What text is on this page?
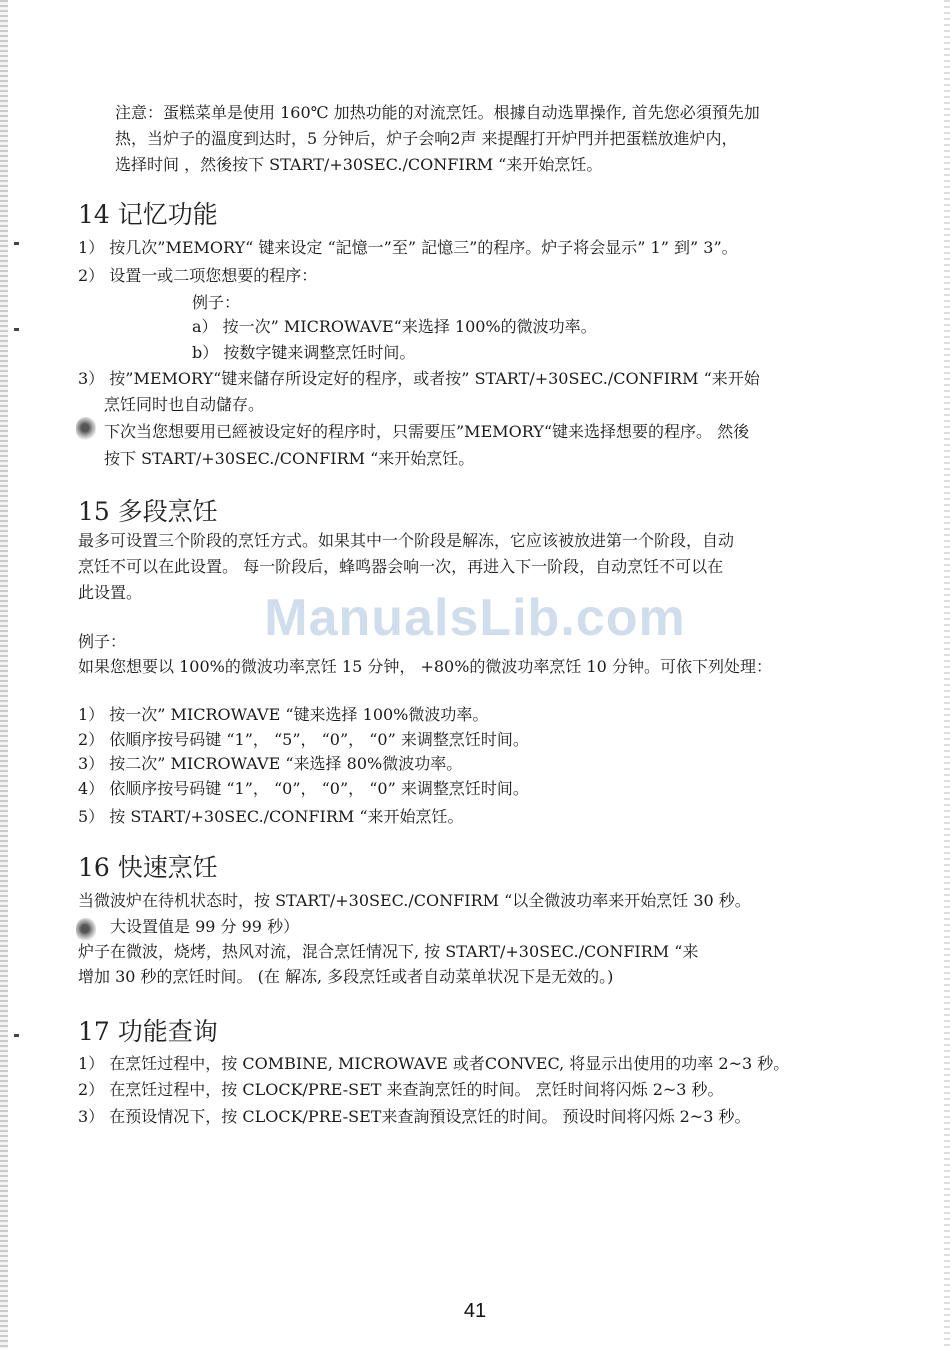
注意：蛋糕菜单是使用 160℃ 加热功能的对流烹饪。根據自动选單操作, 首先您必須預先加
热，当炉子的溫度到达时，5 分钟后，炉子会响2声 来提醒打开炉門并把蛋糕放進炉内，
选择时间 ，然後按下 START/+30SEC./CONFIRM “来开始烹饪。
14 记忆功能
1） 按几次”MEMORY“ 键来设定 “記憶一”至” 記憶三”的程序。炉子将会显示” 1” 到” 3”。
2） 设置一或二项您想要的程序：
例子：
a） 按一次” MICROWAVE“来选择 100%的微波功率。
b） 按数字键来调整烹饪时间。
3） 按”MEMORY“键来儲存所设定好的程序，或者按” START/+30SEC./CONFIRM “来开始
烹饪同时也自动儲存。
下次当您想要用已經被设定好的程序时，只需要压”MEMORY“键来选择想要的程序。 然後
按下 START/+30SEC./CONFIRM “来开始烹饪。
15 多段烹饪
最多可设置三个阶段的烹饪方式。如果其中一个阶段是解冻，它应该被放进第一个阶段，自动
烹饪不可以在此设置。 每一阶段后，蜂鸣器会响一次，再进入下一阶段，自动烹饪不可以在
此设置。
例子：
如果您想要以 100%的微波功率烹饪 15 分钟， +80%的微波功率烹饪 10 分钟。可依下列处理：
1） 按一次” MICROWAVE “键来选择 100%微波功率。
2） 依順序按号码键 “1”， “5”， “0”， “0” 来调整烹饪时间。
3） 按二次” MICROWAVE “来选择 80%微波功率。
4） 依顺序按号码键 “1”， “0”， “0”， “0” 来调整烹饪时间。
5） 按 START/+30SEC./CONFIRM “来开始烹饪。
16 快速烹饪
当微波炉在待机状态时，按 START/+30SEC./CONFIRM “以全微波功率来开始烹饪 30 秒。
大设置值是 99 分 99 秒）
炉子在微波，烧烤，热风对流，混合烹饪情况下, 按 START/+30SEC./CONFIRM “来
增加 30 秒的烹饪时间。 (在 解冻, 多段烹饪或者自动菜单状况下是无效的。)
17 功能查询
1） 在烹饪过程中，按 COMBINE, MICROWAVE 或者CONVEC, 将显示出使用的功率 2~3 秒。
2） 在烹饪过程中，按 CLOCK/PRE-SET 来查詢烹饪的时间。 烹饪时间将闪烁 2~3 秒。
3） 在预设情况下，按 CLOCK/PRE-SET来查詢預设烹饪的时间。 预设时间将闪烁 2~3 秒。
ManualsLib.com
41
